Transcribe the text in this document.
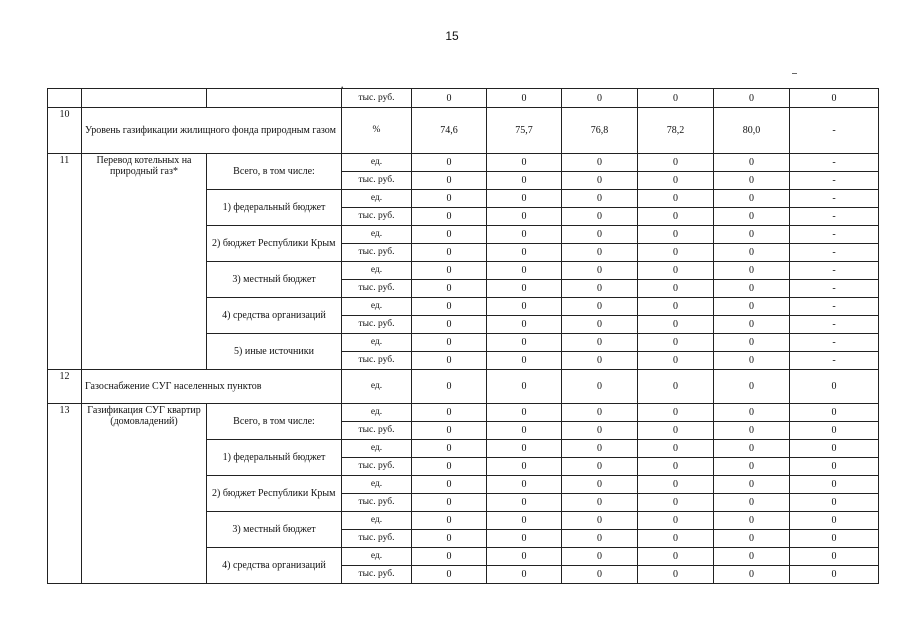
15
•
			тыс. руб.	0	0	0	0	0	0
10	Уровень газификации жилищного фонда природным газом		%	74,6	75,7	76,8	78,2	80,0	-
11	Перевод котельных на природный газ*	Всего, в том числе:	ед.	0	0	0	0	0	-
			тыс. руб.	0	0	0	0	0	-
		1) федеральный бюджет	ед.	0	0	0	0	0	-
			тыс. руб.	0	0	0	0	0	-
		2) бюджет Республики Крым	ед.	0	0	0	0	0	-
			тыс. руб.	0	0	0	0	0	-
		3) местный бюджет	ед.	0	0	0	0	0	-
			тыс. руб.	0	0	0	0	0	-
		4) средства организаций	ед.	0	0	0	0	0	-
			тыс. руб.	0	0	0	0	0	-
		5) иные источники	ед.	0	0	0	0	0	-
			тыс. руб.	0	0	0	0	0	-
12	Газоснабжение СУГ населенных пунктов		ед.	0	0	0	0	0	0
13	Газификация СУГ квартир (домовладений)	Всего, в том числе:	ед.	0	0	0	0	0	0
			тыс. руб.	0	0	0	0	0	0
		1) федеральный бюджет	ед.	0	0	0	0	0	0
			тыс. руб.	0	0	0	0	0	0
		2) бюджет Республики Крым	ед.	0	0	0	0	0	0
			тыс. руб.	0	0	0	0	0	0
		3) местный бюджет	ед.	0	0	0	0	0	0
			тыс. руб.	0	0	0	0	0	0
		4) средства организаций	ед.	0	0	0	0	0	0
			тыс. руб.	0	0	0	0	0	0
